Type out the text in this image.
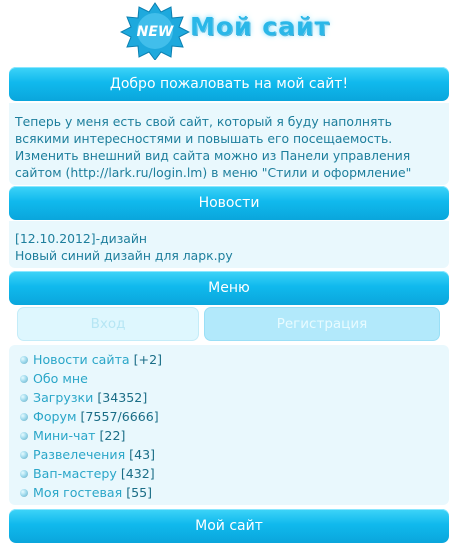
NEW Мой сайт
Добро пожаловать на мой сайт!
Теперь у меня есть свой сайт, который я буду наполнять
всякими интересностями и повышать его посещаемость.
Изменить внешний вид сайта можно из Панели управления
сайтом (http://lark.ru/login.lm) в меню "Стили и оформление"
Новости
[12.10.2012]-дизайн
Новый синий дизайн для ларк.ру
Меню
Вход	Регистрация
Новости сайта [+2]
Обо мне
Загрузки [34352]
Форум [7557/6666]
Мини-чат [22]
Развелечения [43]
Вап-мастеру [432]
Моя гостевая [55]
Мой сайт
